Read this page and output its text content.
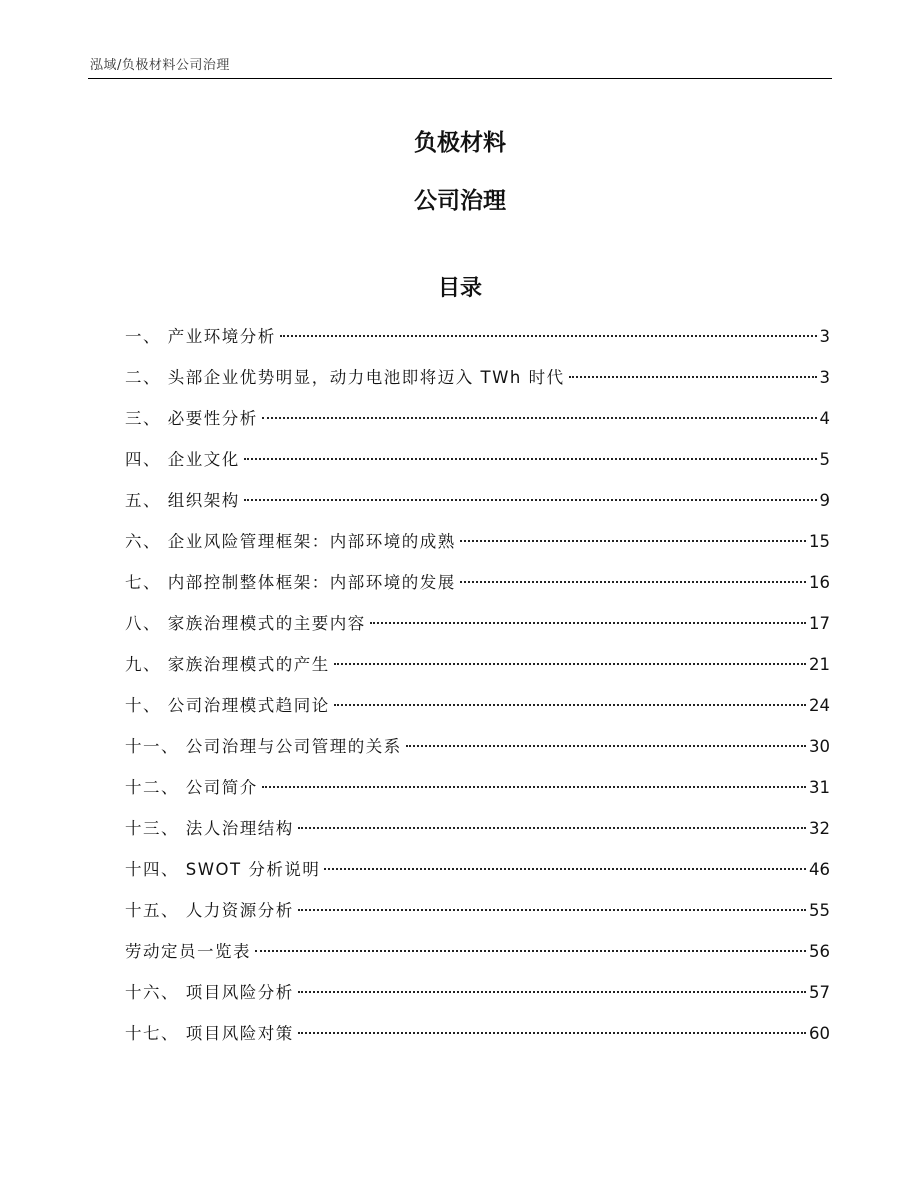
泓域/负极材料公司治理
负极材料
公司治理
目录
一、 产业环境分析	3
二、 头部企业优势明显，动力电池即将迈入 TWh 时代	3
三、 必要性分析	4
四、 企业文化	5
五、 组织架构	9
六、 企业风险管理框架：内部环境的成熟	15
七、 内部控制整体框架：内部环境的发展	16
八、 家族治理模式的主要内容	17
九、 家族治理模式的产生	21
十、 公司治理模式趋同论	24
十一、 公司治理与公司管理的关系	30
十二、 公司简介	31
十三、 法人治理结构	32
十四、 SWOT 分析说明	46
十五、 人力资源分析	55
劳动定员一览表	56
十六、 项目风险分析	57
十七、 项目风险对策	60
